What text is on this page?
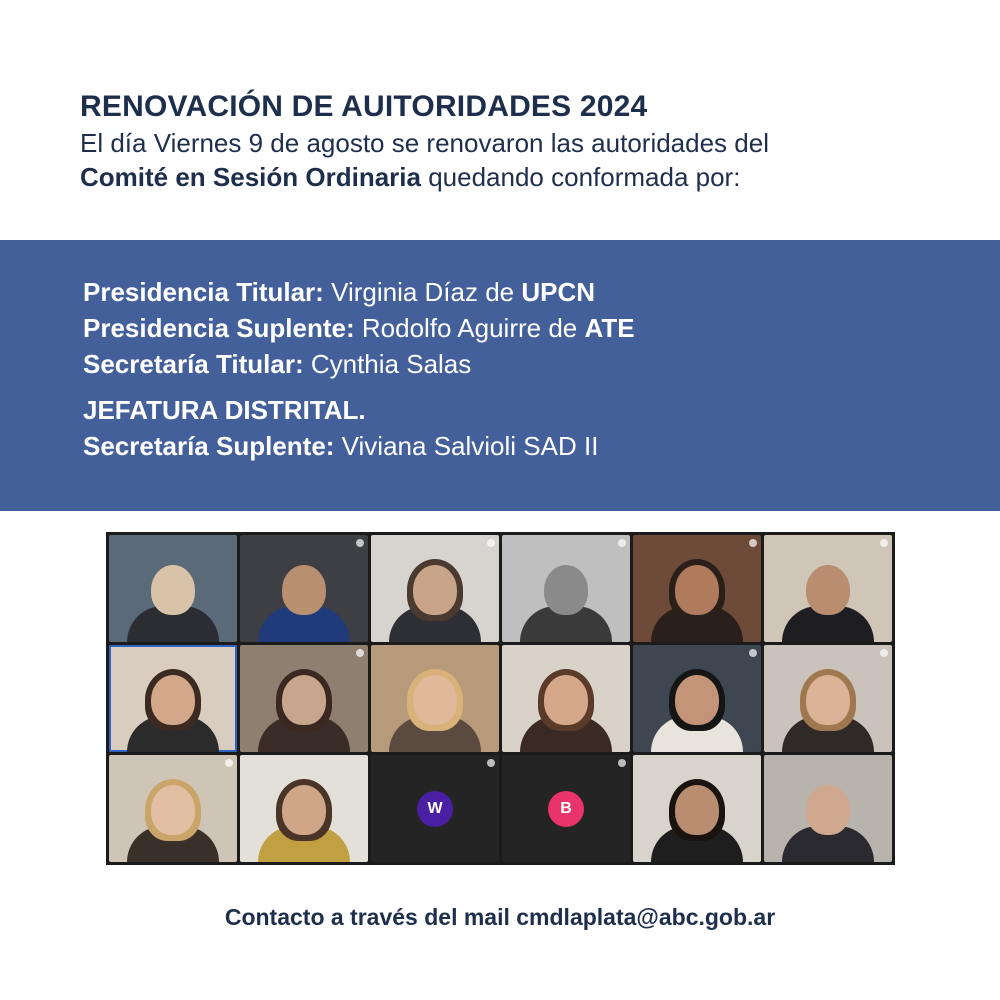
RENOVACIÓN DE AUITORIDADES 2024

El día Viernes 9 de agosto se renovaron las autoridades del

Comité en Sesión Ordinaria quedando conformada por:

Presidencia Titular: Virginia Díaz de UPCN
Presidencia Suplente: Rodolfo Aguirre de ATE
Secretaría Titular: Cynthia Salas
JEFATURA DISTRITAL.
Secretaría Suplente: Viviana Salvioli SAD II
W	B
Contacto a través del mail cmdlaplata@abc.gob.ar
